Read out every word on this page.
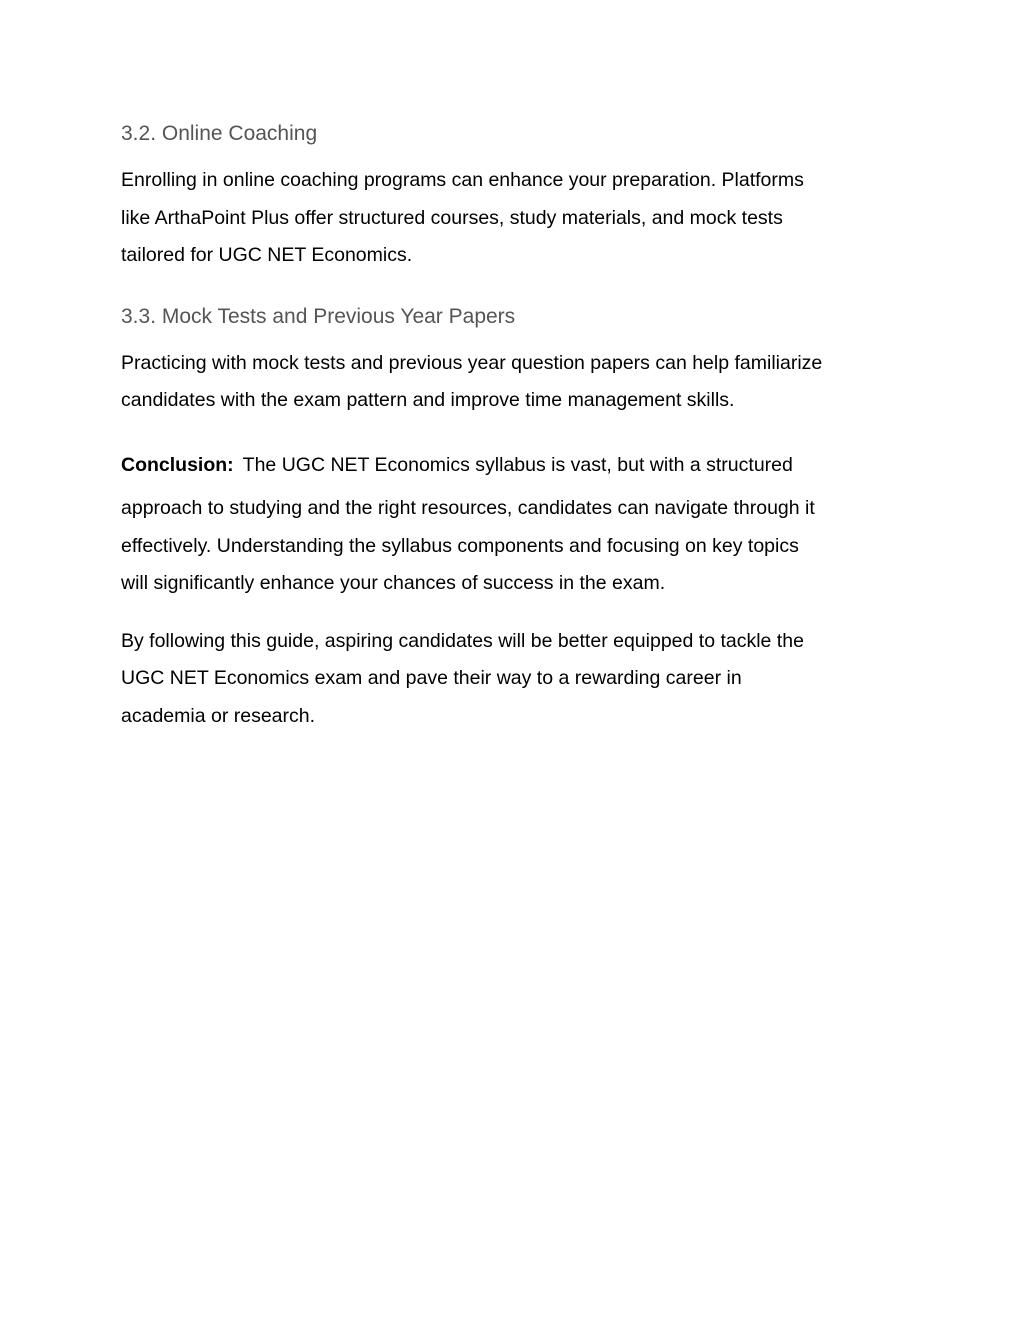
3.2. Online Coaching

Enrolling in online coaching programs can enhance your preparation. Platforms
like ArthaPoint Plus offer structured courses, study materials, and mock tests
tailored for UGC NET Economics.

3.3. Mock Tests and Previous Year Papers

Practicing with mock tests and previous year question papers can help familiarize
candidates with the exam pattern and improve time management skills.

Conclusion: The UGC NET Economics syllabus is vast, but with a structured

approach to studying and the right resources, candidates can navigate through it
effectively. Understanding the syllabus components and focusing on key topics
will significantly enhance your chances of success in the exam.

By following this guide, aspiring candidates will be better equipped to tackle the
UGC NET Economics exam and pave their way to a rewarding career in
academia or research.
